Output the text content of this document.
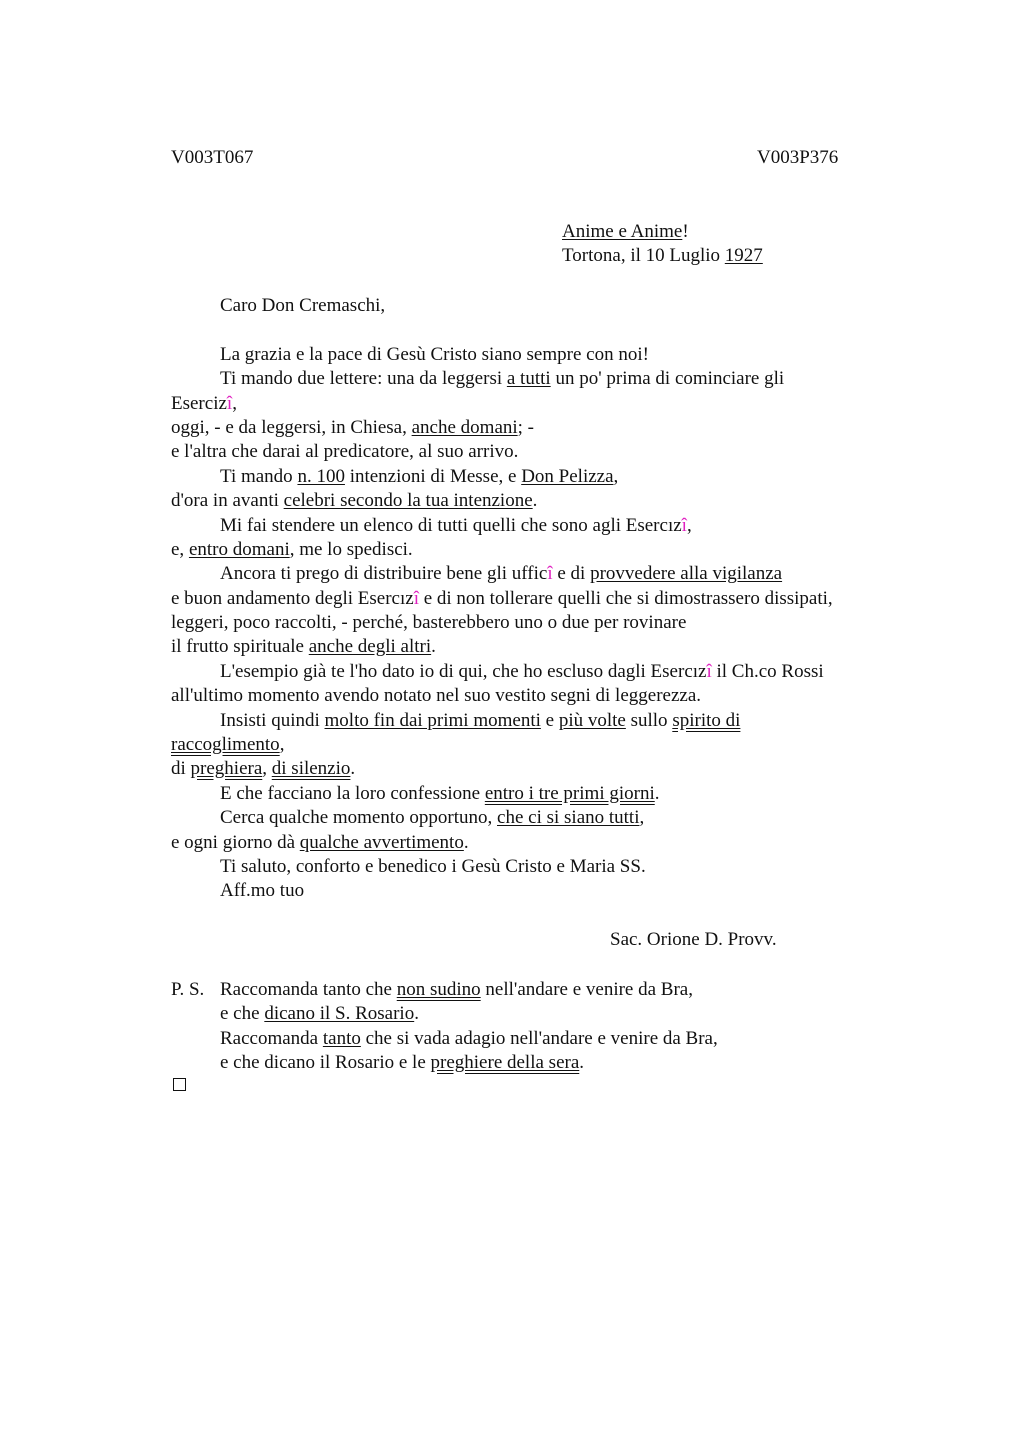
V003T067	V003P376
Anime e Anime!
Tortona, il 10 Luglio 1927
Caro Don Cremaschi,
La grazia e la pace di Gesù Cristo siano sempre con noi!
Ti mando due lettere: una da leggersi a tutti un po' prima di cominciare gli
Esercizî,
oggi, - e da leggersi, in Chiesa, anche domani; -
e l'altra che darai al predicatore, al suo arrivo.
Ti mando n. 100 intenzioni di Messe, e Don Pelizza,
d'ora in avanti celebri secondo la tua intenzione.
Mi fai stendere un elenco di tutti quelli che sono agli Esercızî,
e, entro domani, me lo spedisci.
Ancora ti prego di distribuire bene gli ufficî e di provvedere alla vigilanza
e buon andamento degli Esercızî e di non tollerare quelli che si dimostrassero dissipati,
leggeri, poco raccolti, - perché, basterebbero uno o due per rovinare
il frutto spirituale anche degli altri.
L'esempio già te l'ho dato io di qui, che ho escluso dagli Esercızî il Ch.co Rossi
all'ultimo momento avendo notato nel suo vestito segni di leggerezza.
Insisti quindi molto fin dai primi momenti e più volte sullo spirito di
raccoglimento,
di preghiera, di silenzio.
E che facciano la loro confessione entro i tre primi giorni.
Cerca qualche momento opportuno, che ci si siano tutti,
e ogni giorno dà qualche avvertimento.
Ti saluto, conforto e benedico i Gesù Cristo e Maria SS.
Aff.mo tuo
Sac. Orione D. Provv.
P. S. Raccomanda tanto che non sudino nell'andare e venire da Bra,
e che dicano il S. Rosario.
Raccomanda tanto che si vada adagio nell'andare e venire da Bra,
e che dicano il Rosario e le preghiere della sera.
